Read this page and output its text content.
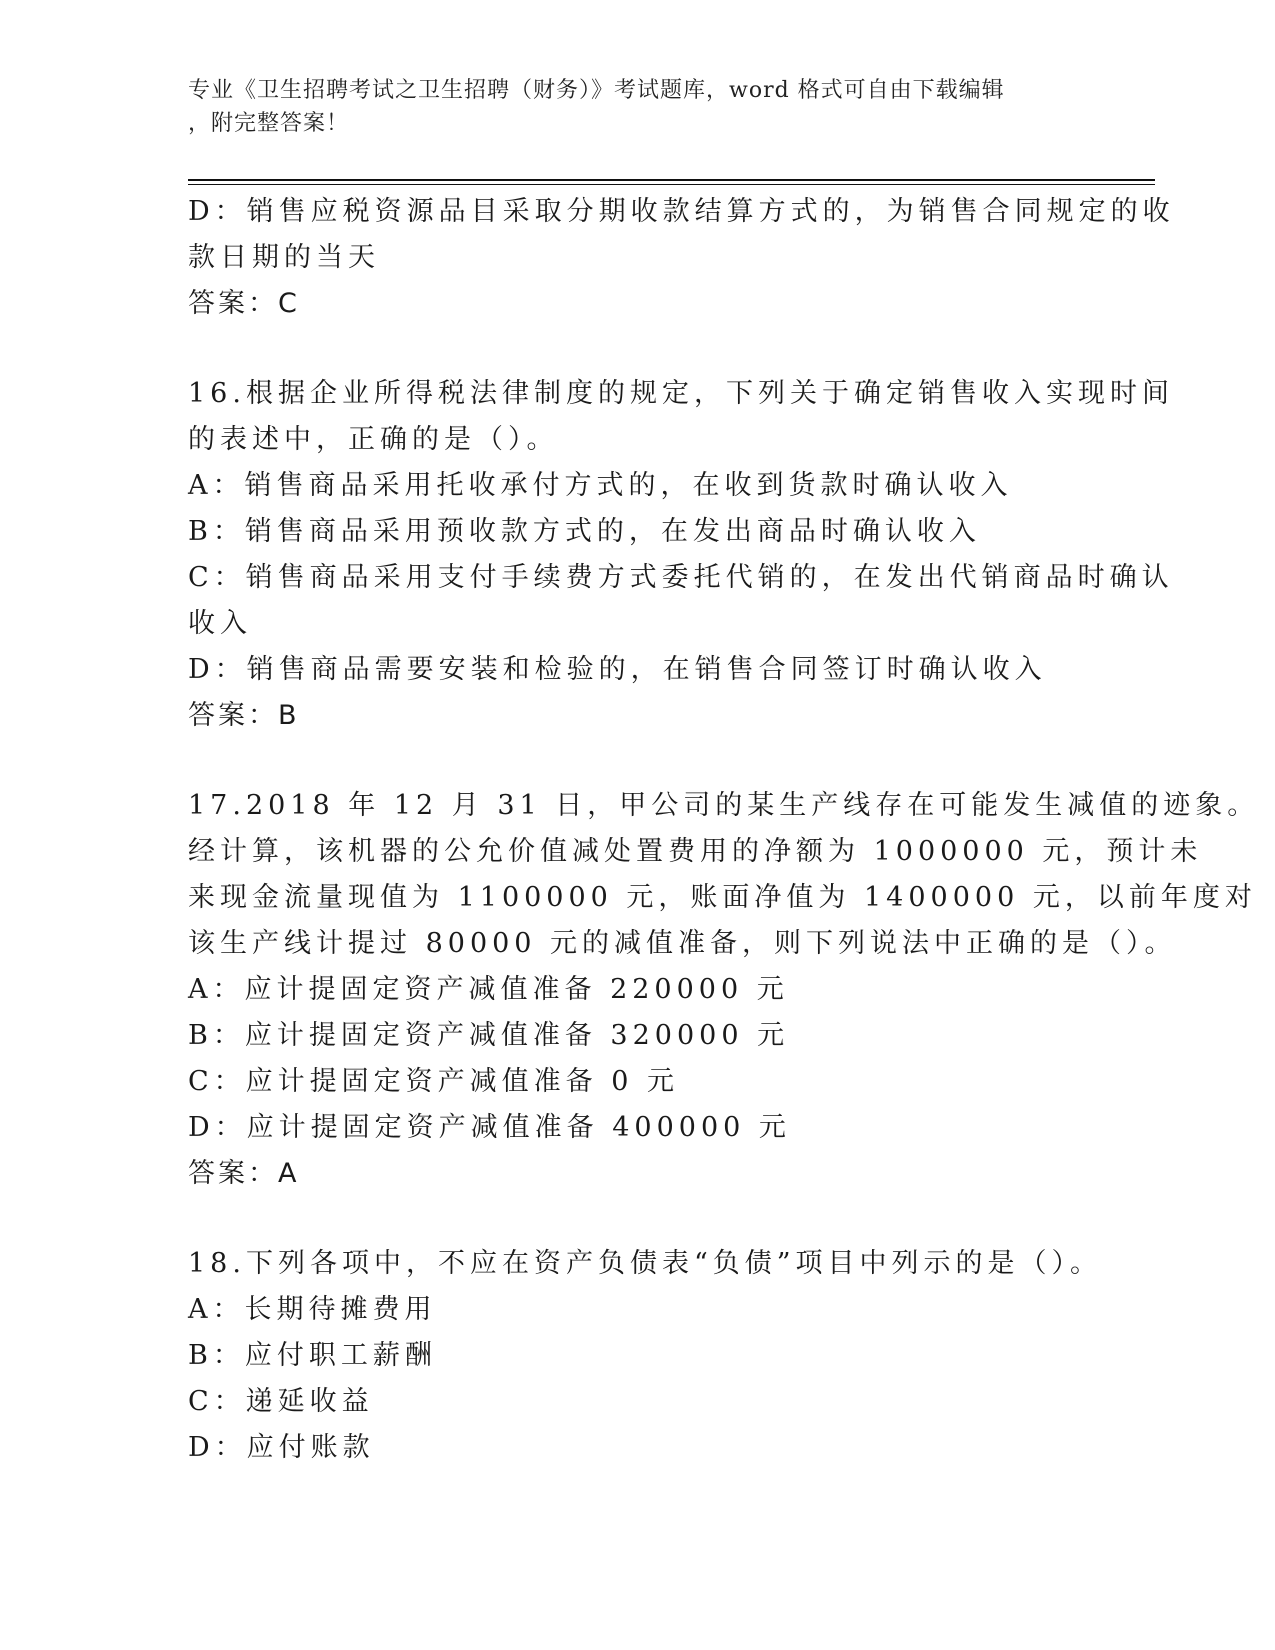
专业《卫生招聘考试之卫生招聘（财务）》考试题库，word 格式可自由下载编辑
，附完整答案！
D：销售应税资源品目采取分期收款结算方式的，为销售合同规定的收
款日期的当天
答案：C
16.根据企业所得税法律制度的规定，下列关于确定销售收入实现时间
的表述中，正确的是（）。
A：销售商品采用托收承付方式的，在收到货款时确认收入
B：销售商品采用预收款方式的，在发出商品时确认收入
C：销售商品采用支付手续费方式委托代销的，在发出代销商品时确认
收入
D：销售商品需要安装和检验的，在销售合同签订时确认收入
答案：B
17.2018 年 12 月 31 日，甲公司的某生产线存在可能发生减值的迹象。
经计算，该机器的公允价值减处置费用的净额为 1000000 元，预计未
来现金流量现值为 1100000 元，账面净值为 1400000 元，以前年度对
该生产线计提过 80000 元的减值准备，则下列说法中正确的是（）。
A：应计提固定资产减值准备 220000 元
B：应计提固定资产减值准备 320000 元
C：应计提固定资产减值准备 0 元
D：应计提固定资产减值准备 400000 元
答案：A
18.下列各项中，不应在资产负债表“负债”项目中列示的是（）。
A：长期待摊费用
B：应付职工薪酬
C：递延收益
D：应付账款
